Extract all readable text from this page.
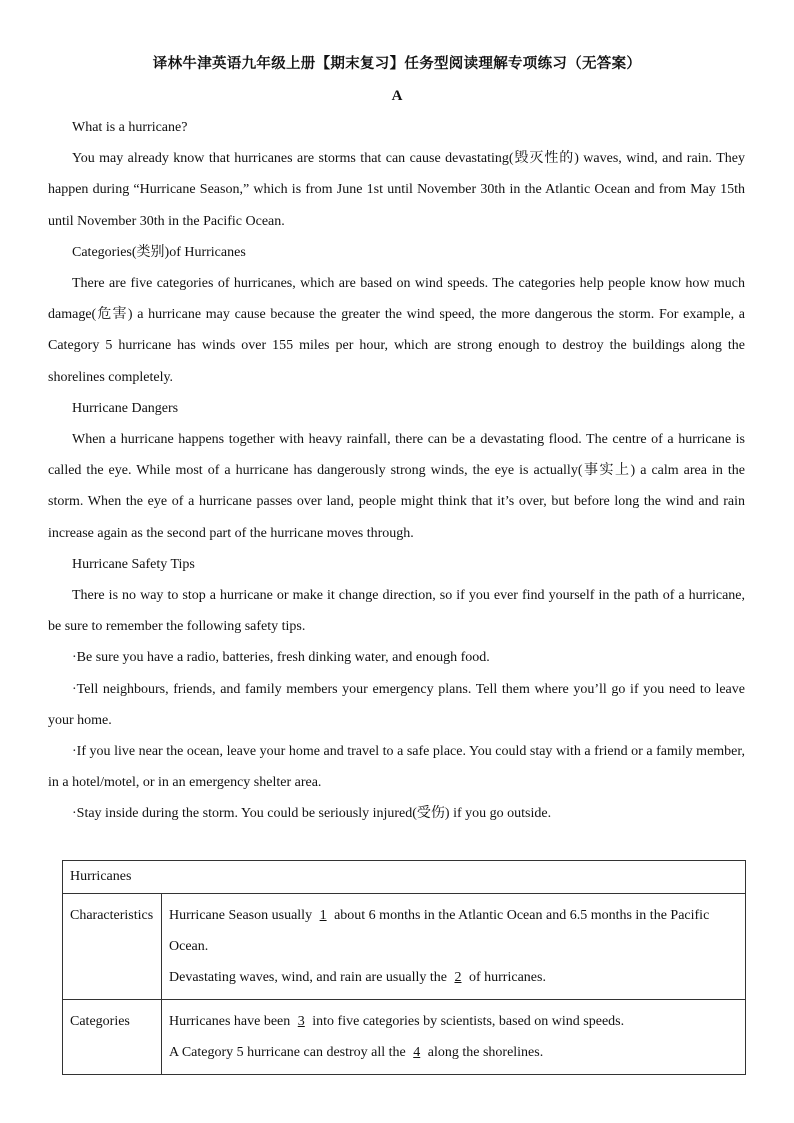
译林牛津英语九年级上册【期末复习】任务型阅读理解专项练习（无答案）
A

What is a hurricane?

You may already know that hurricanes are storms that can cause devastating(毁灭性的) waves, wind, and rain. They happen during “Hurricane Season,” which is from June 1st until November 30th in the Atlantic Ocean and from May 15th until November 30th in the Pacific Ocean.

Categories(类别)of Hurricanes

There are five categories of hurricanes, which are based on wind speeds. The categories help people know how much damage(危害) a hurricane may cause because the greater the wind speed, the more dangerous the storm. For example, a Category 5 hurricane has winds over 155 miles per hour, which are strong enough to destroy the buildings along the shorelines completely.

Hurricane Dangers

When a hurricane happens together with heavy rainfall, there can be a devastating flood. The centre of a hurricane is called the eye. While most of a hurricane has dangerously strong winds, the eye is actually(事实上) a calm area in the storm. When the eye of a hurricane passes over land, people might think that it’s over, but before long the wind and rain increase again as the second part of the hurricane moves through.

Hurricane Safety Tips

There is no way to stop a hurricane or make it change direction, so if you ever find yourself in the path of a hurricane, be sure to remember the following safety tips.

·Be sure you have a radio, batteries, fresh dinking water, and enough food.

·Tell neighbours, friends, and family members your emergency plans. Tell them where you’ll go if you need to leave your home.

·If you live near the ocean, leave your home and travel to a safe place. You could stay with a friend or a family member, in a hotel/motel, or in an emergency shelter area.

·Stay inside during the storm. You could be seriously injured(受伤) if you go outside.

Hurricanes	
Characteristics	Hurricane Season usually 1 about 6 months in the Atlantic Ocean and 6.5 months in the Pacific Ocean.
Devastating waves, wind, and rain are usually the 2 of hurricanes.

Categories	Hurricanes have been 3 into five categories by scientists, based on wind speeds.
A Category 5 hurricane can destroy all the 4 along the shorelines.
